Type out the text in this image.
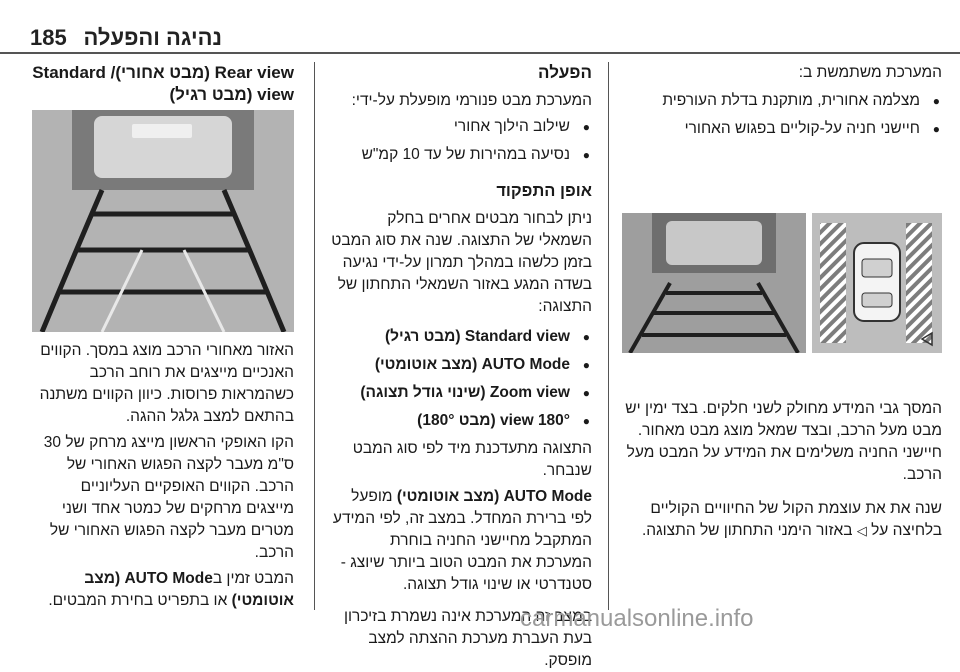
185 נהיגה והפעלה

המערכת משתמשת ב:

● מצלמה אחורית, מותקנת בדלת העורפית
● חיישני חניה על-קוליים בפגוש האחורי

המסך גבי המידע מחולק לשני חלקים. בצד ימין יש מבט מעל הרכב, ובצד שמאל מוצג מבט מאחור. חיישני החניה משלימים את המידע על המבט מעל הרכב.

שנה את את עוצמת הקול של החיוויים הקוליים בלחיצה על ◁ באזור הימני התחתון של התצוגה.

הפעלה

המערכת מבט פנורמי מופעלת על-ידי:

● שילוב הילוך אחורי
● נסיעה במהירות של עד 10 קמ"ש

אופן התפקוד

ניתן לבחור מבטים אחרים בחלק השמאלי של התצוגה. שנה את סוג המבט בזמן כלשהו במהלך תמרון על-ידי נגיעה בשדה המגע באזור השמאלי התחתון של התצוגה:

● Standard view (מבט רגיל)
● AUTO Mode (מצב אוטומטי)
● Zoom view (שינוי גודל תצוגה)
● 180° view (מבט 180°)

התצוגה מתעדכנת מיד לפי סוג המבט שנבחר.

AUTO Mode (מצב אוטומטי) מופעל לפי ברירת המחדל. במצב זה, לפי המידע המתקבל מחיישני החניה בוחרת המערכת את המבט הטוב ביותר שיוצג - סטנדרטי או שינוי גודל תצוגה.

במצב זה המערכת אינה נשמרת בזיכרון בעת העברת מערכת ההצתה למצב מופסק.

Rear view (מבט אחורי)/ Standard view (מבט רגיל)

האזור מאחורי הרכב מוצג במסך. הקווים האנכיים מייצגים את רוחב הרכב כשהמראות פרוסות. כיוון הקווים משתנה בהתאם למצב גלגל ההגה.

הקו האופקי הראשון מייצג מרחק של 30 ס"מ מעבר לקצה הפגוש האחורי של הרכב. הקווים האופקיים העליוניים מייצגים מרחקים של כמטר אחד ושני מטרים מעבר לקצה הפגוש האחורי של הרכב.

המבט זמין בAUTO Mode (מצב אוטומטי) או בתפריט בחירת המבטים.

carmanualsonline.info
